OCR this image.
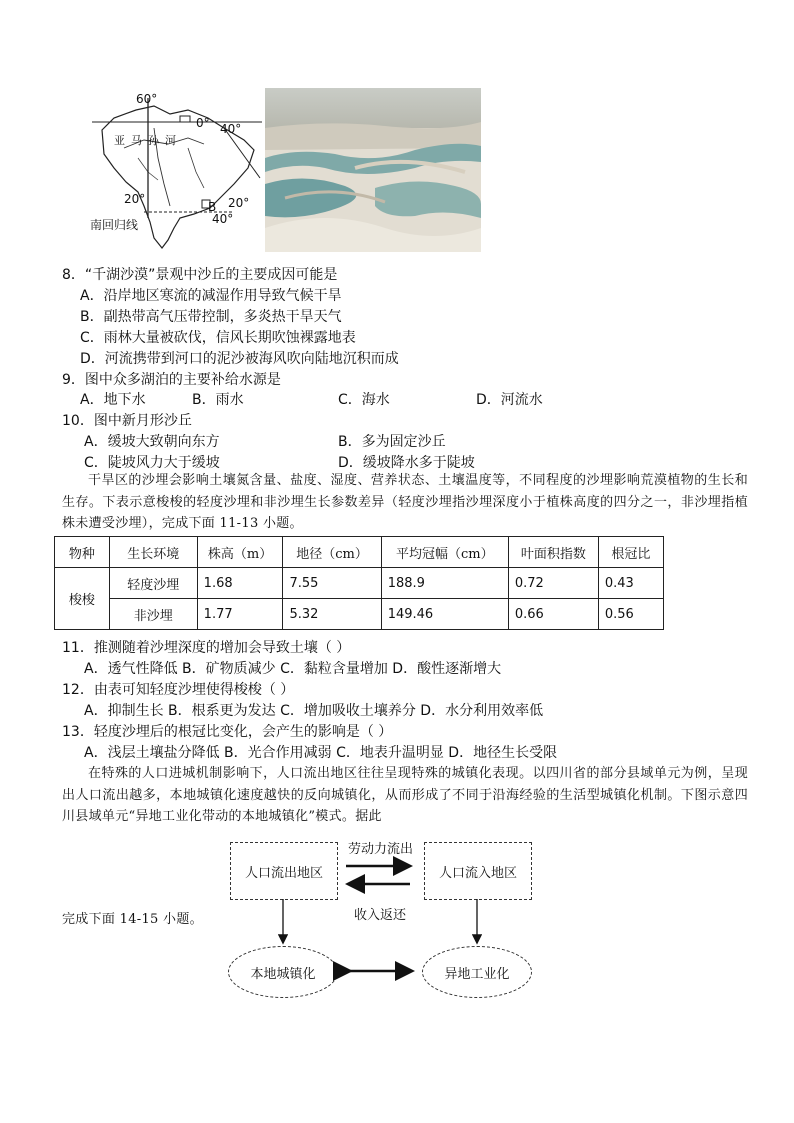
60°
0° 40°
亚马孙河
20°
B 20°
40°
南回归线
8．“千湖沙漠”景观中沙丘的主要成因可能是
A．沿岸地区寒流的减湿作用导致气候干旱
B．副热带高气压带控制，多炎热干旱天气
C．雨林大量被砍伐，信风长期吹蚀裸露地表
D．河流携带到河口的泥沙被海风吹向陆地沉积而成
9．图中众多湖泊的主要补给水源是
A．地下水	B．雨水	C．海水	D．河流水
10．图中新月形沙丘
A．缓坡大致朝向东方	B．多为固定沙丘
C．陡坡风力大于缓坡	D．缓坡降水多于陡坡
干旱区的沙埋会影响土壤氮含量、盐度、湿度、营养状态、土壤温度等，不同程度的沙埋影响荒漠植物的生长和生存。下表示意梭梭的轻度沙埋和非沙埋生长参数差异（轻度沙埋指沙埋深度小于植株高度的四分之一，非沙埋指植株未遭受沙埋），完成下面 11-13 小题。
物种	生长环境	株高（m）	地径（cm）	平均冠幅（cm）	叶面积指数	根冠比
梭梭	轻度沙埋	1.68	7.55	188.9	0.72	0.43
	非沙埋	1.77	5.32	149.46	0.66	0.56
11．推测随着沙埋深度的增加会导致土壤（ ）
A．透气性降低 B．矿物质减少 C．黏粒含量增加 D．酸性逐渐增大
12．由表可知轻度沙埋使得梭梭（ ）
A．抑制生长 B．根系更为发达 C．增加吸收土壤养分 D．水分利用效率低
13．轻度沙埋后的根冠比变化，会产生的影响是（ ）
A．浅层土壤盐分降低 B．光合作用减弱 C．地表升温明显 D．地径生长受限
在特殊的人口进城机制影响下，人口流出地区往往呈现特殊的城镇化表现。以四川省的部分县域单元为例，呈现出人口流出越多，本地城镇化速度越快的反向城镇化，从而形成了不同于沿海经验的生活型城镇化机制。下图示意四川县域单元“异地工业化带动的本地城镇化”模式。据此
完成下面 14-15 小题。
人口流出地区	人口流入地区
劳动力流出
收入返还
本地城镇化	异地工业化
